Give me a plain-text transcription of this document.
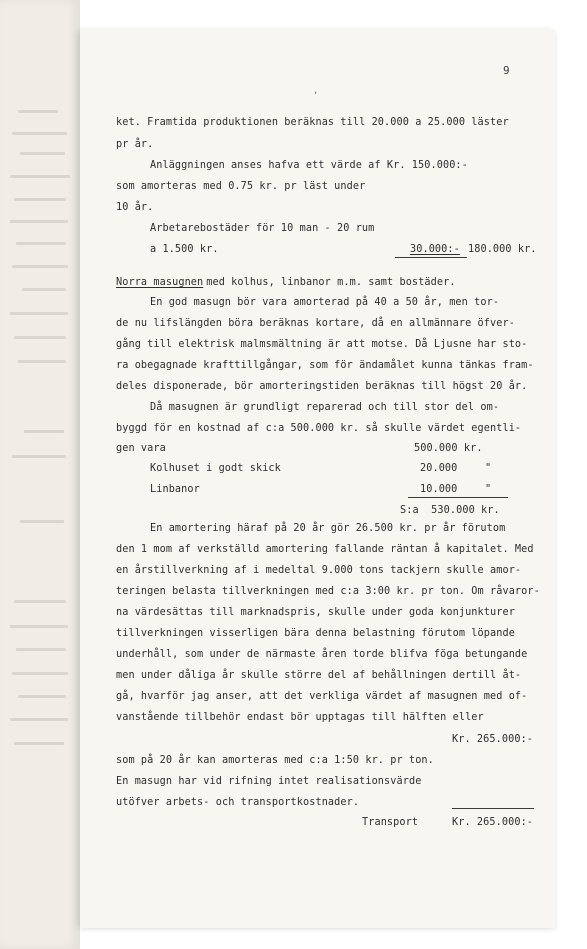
9
'
ket. Framtida produktionen beräknas till 20.000 a 25.000 läster
pr år.
Anläggningen anses hafva ett värde af Kr. 150.000:-
som amorteras med 0.75 kr. pr läst under
10 år.
Arbetarebostäder för 10 man - 20 rum
a 1.500 kr.	30.000:- 180.000 kr.
Norra masugnen
med kolhus, linbanor m.m. samt bostäder.
En god masugn bör vara amorterad på 40 a 50 år, men tor-
de nu lifslängden böra beräknas kortare, då en allmännare öfver-
gång till elektrisk malmsmältning är att motse. Då Ljusne har sto-
ra obegagnade krafttillgångar, som för ändamålet kunna tänkas fram-
deles disponerade, bör amorteringstiden beräknas till högst 20 år.
Då masugnen är grundligt reparerad och till stor del om-
byggd för en kostnad af c:a 500.000 kr. så skulle värdet egentli-
gen vara	500.000 kr.
Kolhuset i godt skick	20.000	"
Linbanor	10.000	"
S:a  530.000 kr.
En amortering häraf på 20 år gör 26.500 kr. pr år förutom
den 1 mom af verkställd amortering fallande räntan å kapitalet. Med
en årstillverkning af i medeltal 9.000 tons tackjern skulle amor-
teringen belasta tillverkningen med c:a 3:00 kr. pr ton. Om råvaror-
na värdesättas till marknadspris, skulle under goda konjunkturer
tillverkningen visserligen bära denna belastning förutom löpande
underhåll, som under de närmaste åren torde blifva föga betungande
men under dåliga år skulle större del af behållningen dertill åt-
gå, hvarför jag anser, att det verkliga värdet af masugnen med of-
vanstående tillbehör endast bör upptagas till hälften eller
Kr. 265.000:-
som på 20 år kan amorteras med c:a 1:50 kr. pr ton.
En masugn har vid rifning intet realisationsvärde
utöfver arbets- och transportkostnader.
Transport	Kr. 265.000:-
